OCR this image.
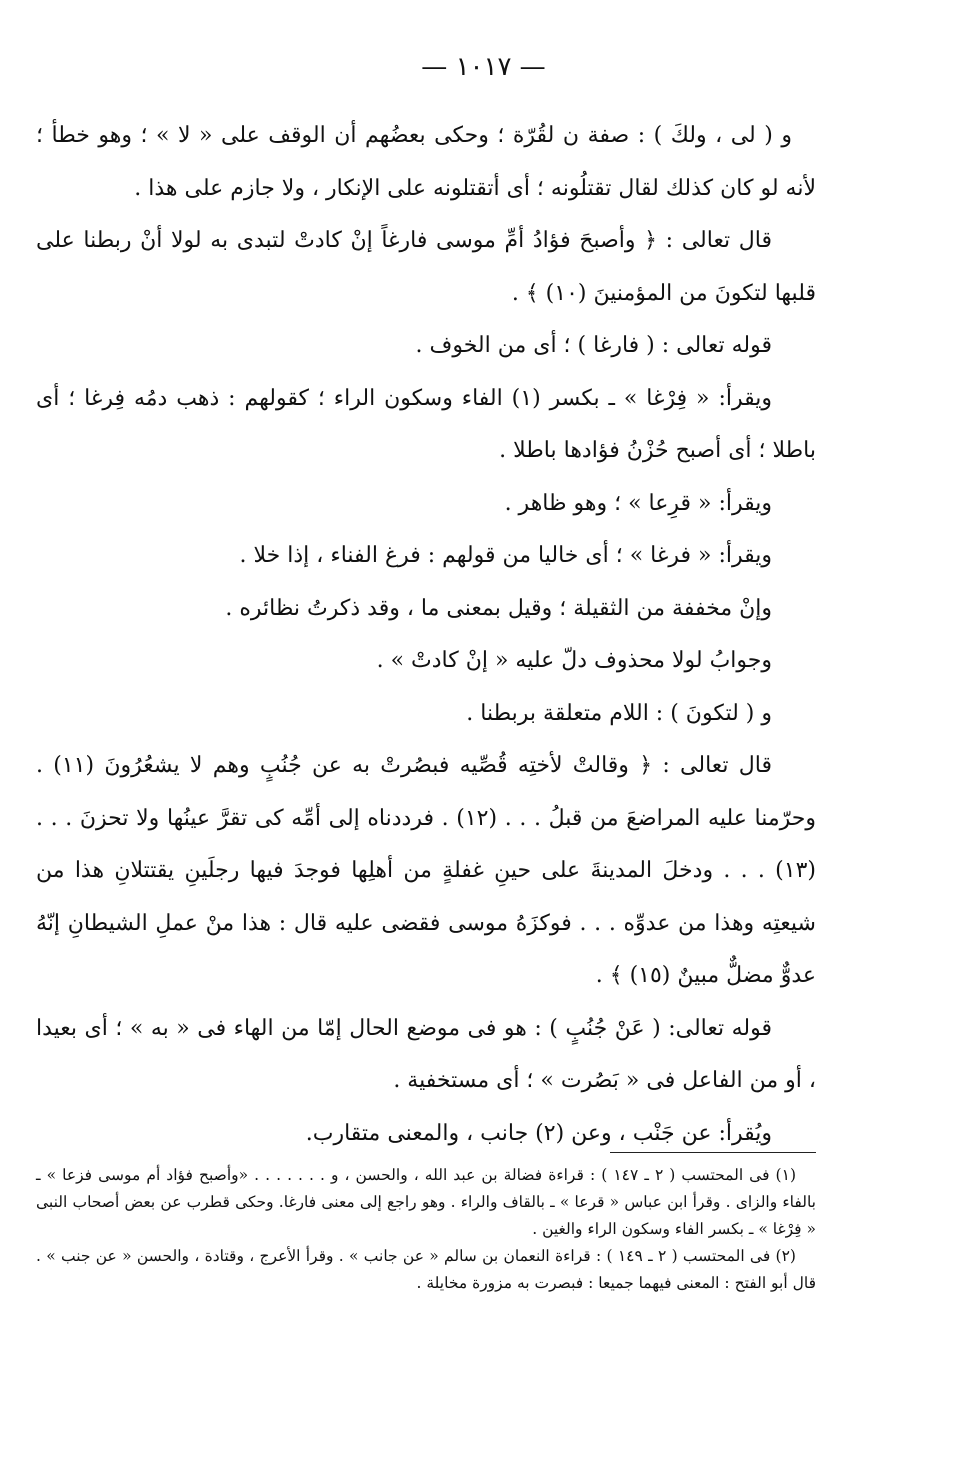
— ١٠١٧ —

و ( لى ، ولكَ ) : صفة ن لقُرّة ؛ وحكى بعضُهم أن الوقف على « لا » ؛ وهو خطأ ؛ لأنه لو كان كذلك لقال تقتلُونه ؛ أى أتقتلونه على الإنكار ، ولا جازم على هذا .

قال تعالى : ﴿ وأصبحَ فؤادُ أمِّ موسى فارغاً إنْ كادتْ لتبدى به لولا أنْ ربطنا على قلبها لتكونَ من المؤمنينَ (١٠) ﴾ .

قوله تعالى : ( فارغا ) ؛ أى من الخوف .

ويقرأ: « فِرْغا » ـ بكسر (١) الفاء وسكون الراء ؛ كقولهم : ذهب دمُه فِرغا ؛ أى باطلا ؛ أى أصبح حُزْنُ فؤادها باطلا .

ويقرأ: « قرِعا » ؛ وهو ظاهر .

ويقرأ: « فرغا » ؛ أى خاليا من قولهم : فرغ الفناء ، إذا خلا .

وإنْ مخففة من الثقيلة ؛ وقيل بمعنى ما ، وقد ذكرتُ نظائره .

وجوابُ لولا محذوف دلّ عليه « إنْ كادتْ » .

و ( لتكونَ ) : اللام متعلقة بربطنا .

قال تعالى : ﴿ وقالتْ لأختِه قُصِّيه فبصُرتْ به عن جُنُبٍ وهم لا يشعُرُونَ (١١) . وحرّمنا عليه المراضعَ من قبلُ . . . (١٢) . فرددناه إلى أمِّه كى تقرَّ عينُها ولا تحزنَ . . . (١٣) . . . ودخلَ المدينةَ على حينِ غفلةٍ من أهلِها فوجدَ فيها رجلَينِ يقتتلانِ هذا من شيعتِه وهذا من عدوِّه . . . فوكزَهُ موسى فقضى عليه قال : هذا منْ عملِ الشيطانِ إنّهُ عدوٌّ مضلٌّ مبينٌ (١٥) ﴾ .

قوله تعالى: ( عَنْ جُنُبٍ ) : هو فى موضع الحال إمّا من الهاء فى « به » ؛ أى بعيدا ، أو من الفاعل فى « بَصُرت » ؛ أى مستخفية .

ويُقرأ: عن جَنْب ، وعن (٢) جانب ، والمعنى متقارب.

(١) فى المحتسب ( ٢ ـ ١٤٧ ) : قراءة فضالة بن عبد الله ، والحسن ، و . . . . . . . «وأصبح فؤاد أم موسى فزعا » ـ بالفاء والزاى . وقرأ ابن عباس « قرعا » ـ بالقاف والراء . وهو راجع إلى معنى فارغا. وحكى قطرب عن بعض أصحاب النبى « فِرْغا » ـ بكسر الفاء وسكون الراء والغين .

(٢) فى المحتسب ( ٢ ـ ١٤٩ ) : قراءة النعمان بن سالم « عن جانب » . وقرأ الأعرج ، وقتادة ، والحسن « عن جنب » . قال أبو الفتح : المعنى فيهما جميعا : فبصرت به مزورة مخايلة .
